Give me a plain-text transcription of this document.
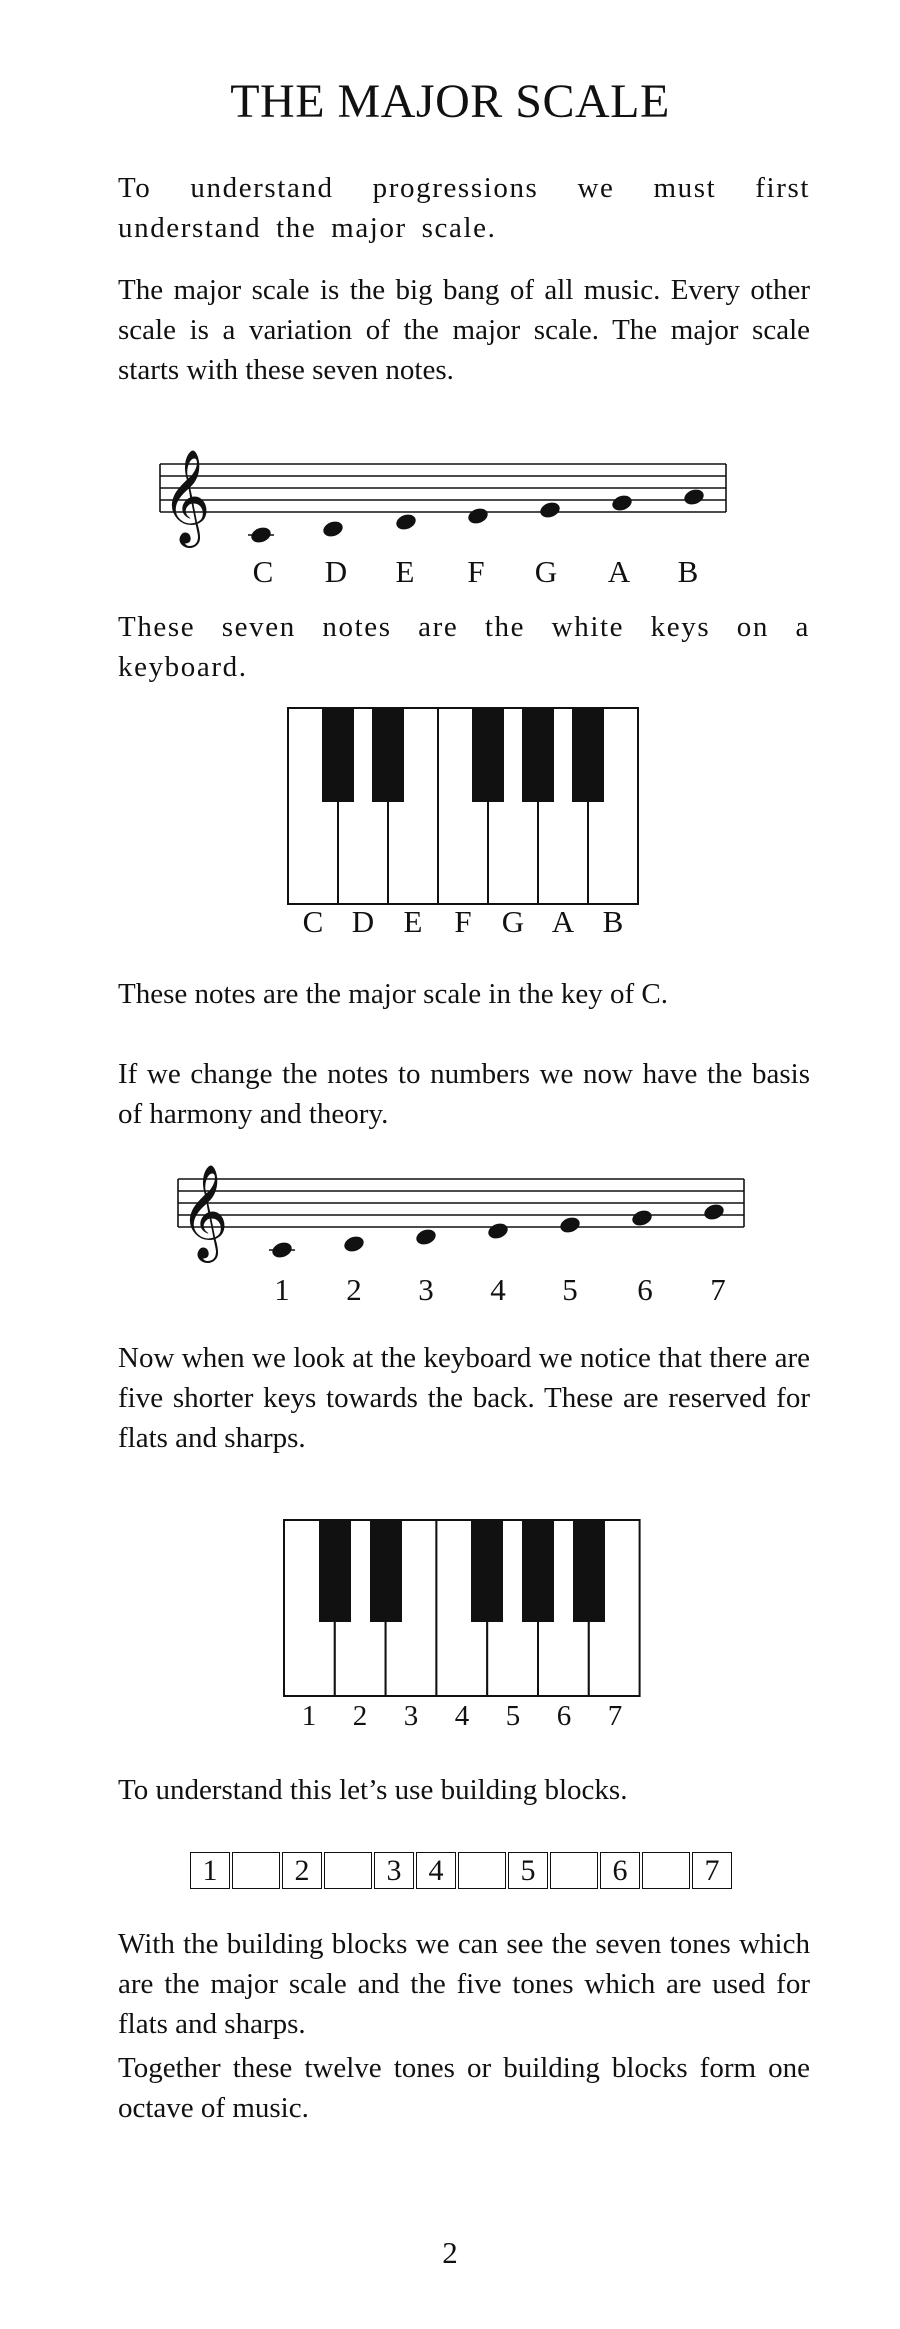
THE MAJOR SCALE

To understand progressions we must first understand the major scale.

The major scale is the big bang of all music. Every other scale is a variation of the major scale. The major scale starts with these seven notes.

𝄞
C D E F G A B

These seven notes are the white keys on a keyboard.

C D E F G A B

These notes are the major scale in the key of C.

If we change the notes to numbers we now have the basis of harmony and theory.

𝄞
1 2 3 4 5 6 7

Now when we look at the keyboard we notice that there are five shorter keys towards the back. These are reserved for flats and sharps.

1 2 3 4 5 6 7

To understand this let’s use building blocks.

1	2	3 4	5	6	7

With the building blocks we can see the seven tones which are the major scale and the five tones which are used for flats and sharps.

Together these twelve tones or building blocks form one octave of music.

2
